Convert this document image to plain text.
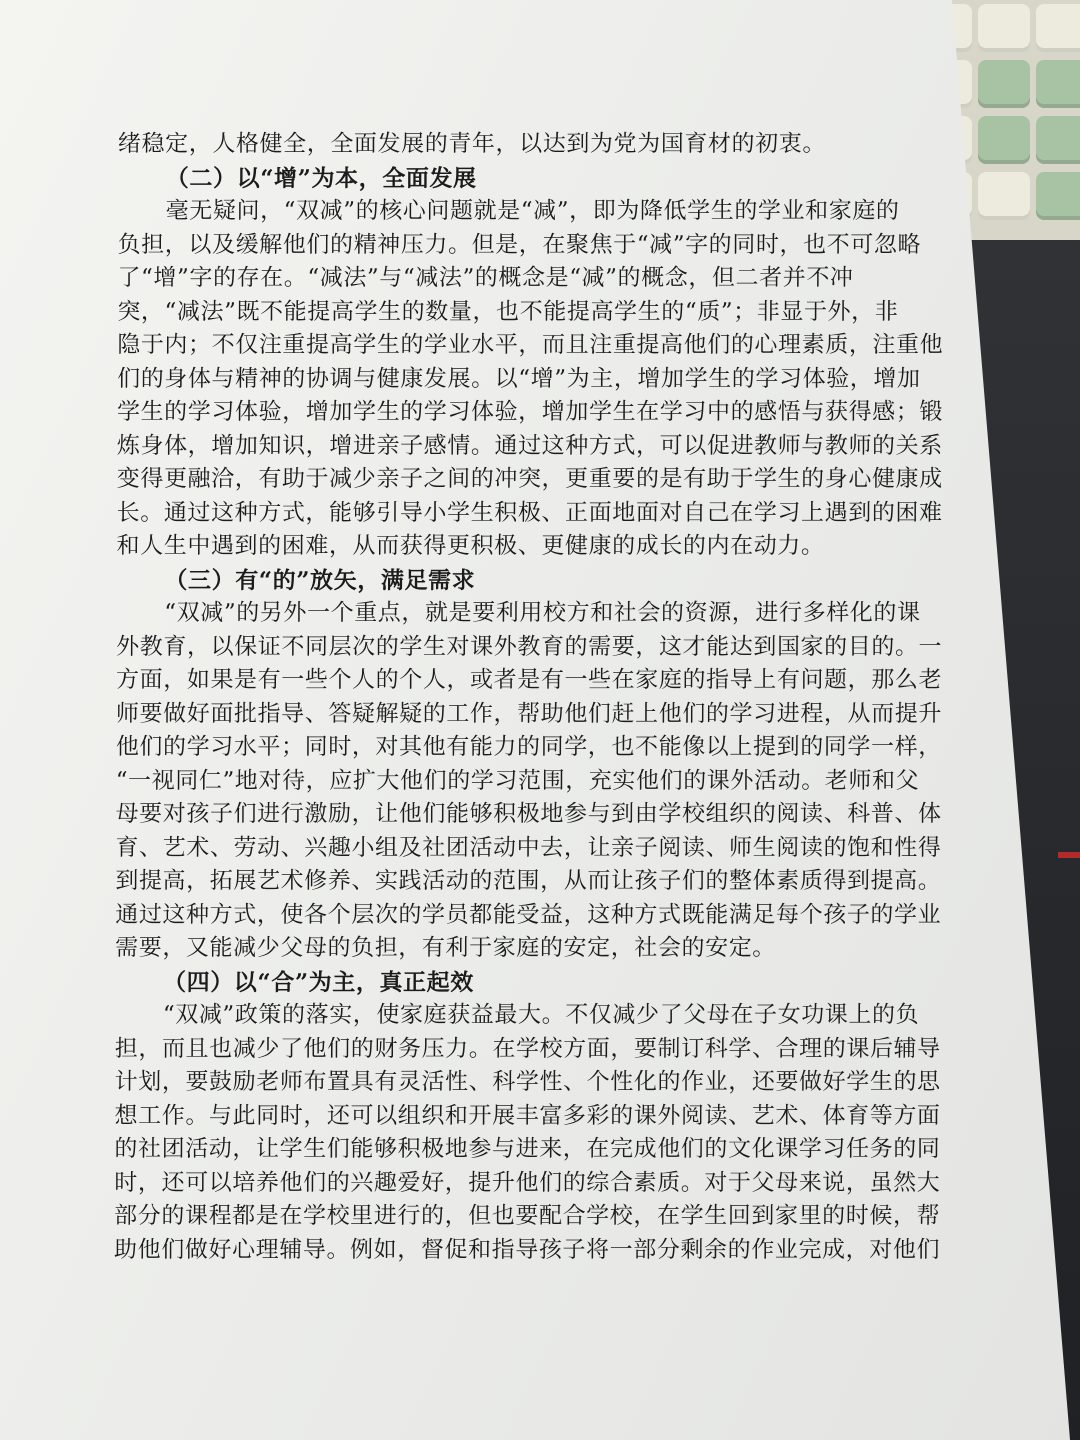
绪稳定，人格健全，全面发展的青年，以达到为党为国育材的初衷。
（二）以“增”为本，全面发展
毫无疑问，“双减”的核心问题就是“减”，即为降低学生的学业和家庭的
负担，以及缓解他们的精神压力。但是，在聚焦于“减”字的同时，也不可忽略
了“增”字的存在。“减法”与“减法”的概念是“减”的概念，但二者并不冲
突，“减法”既不能提高学生的数量，也不能提高学生的“质”；非显于外，非
隐于内；不仅注重提高学生的学业水平，而且注重提高他们的心理素质，注重他
们的身体与精神的协调与健康发展。以“增”为主，增加学生的学习体验，增加
学生的学习体验，增加学生的学习体验，增加学生在学习中的感悟与获得感；锻
炼身体，增加知识，增进亲子感情。通过这种方式，可以促进教师与教师的关系
变得更融洽，有助于减少亲子之间的冲突，更重要的是有助于学生的身心健康成
长。通过这种方式，能够引导小学生积极、正面地面对自己在学习上遇到的困难
和人生中遇到的困难，从而获得更积极、更健康的成长的内在动力。
（三）有“的”放矢，满足需求
“双减”的另外一个重点，就是要利用校方和社会的资源，进行多样化的课
外教育，以保证不同层次的学生对课外教育的需要，这才能达到国家的目的。一
方面，如果是有一些个人的个人，或者是有一些在家庭的指导上有问题，那么老
师要做好面批指导、答疑解疑的工作，帮助他们赶上他们的学习进程，从而提升
他们的学习水平；同时，对其他有能力的同学，也不能像以上提到的同学一样，
“一视同仁”地对待，应扩大他们的学习范围，充实他们的课外活动。老师和父
母要对孩子们进行激励，让他们能够积极地参与到由学校组织的阅读、科普、体
育、艺术、劳动、兴趣小组及社团活动中去，让亲子阅读、师生阅读的饱和性得
到提高，拓展艺术修养、实践活动的范围，从而让孩子们的整体素质得到提高。
通过这种方式，使各个层次的学员都能受益，这种方式既能满足每个孩子的学业
需要，又能减少父母的负担，有利于家庭的安定，社会的安定。
（四）以“合”为主，真正起效
“双减”政策的落实，使家庭获益最大。不仅减少了父母在子女功课上的负
担，而且也减少了他们的财务压力。在学校方面，要制订科学、合理的课后辅导
计划，要鼓励老师布置具有灵活性、科学性、个性化的作业，还要做好学生的思
想工作。与此同时，还可以组织和开展丰富多彩的课外阅读、艺术、体育等方面
的社团活动，让学生们能够积极地参与进来，在完成他们的文化课学习任务的同
时，还可以培养他们的兴趣爱好，提升他们的综合素质。对于父母来说，虽然大
部分的课程都是在学校里进行的，但也要配合学校，在学生回到家里的时候，帮
助他们做好心理辅导。例如，督促和指导孩子将一部分剩余的作业完成，对他们
